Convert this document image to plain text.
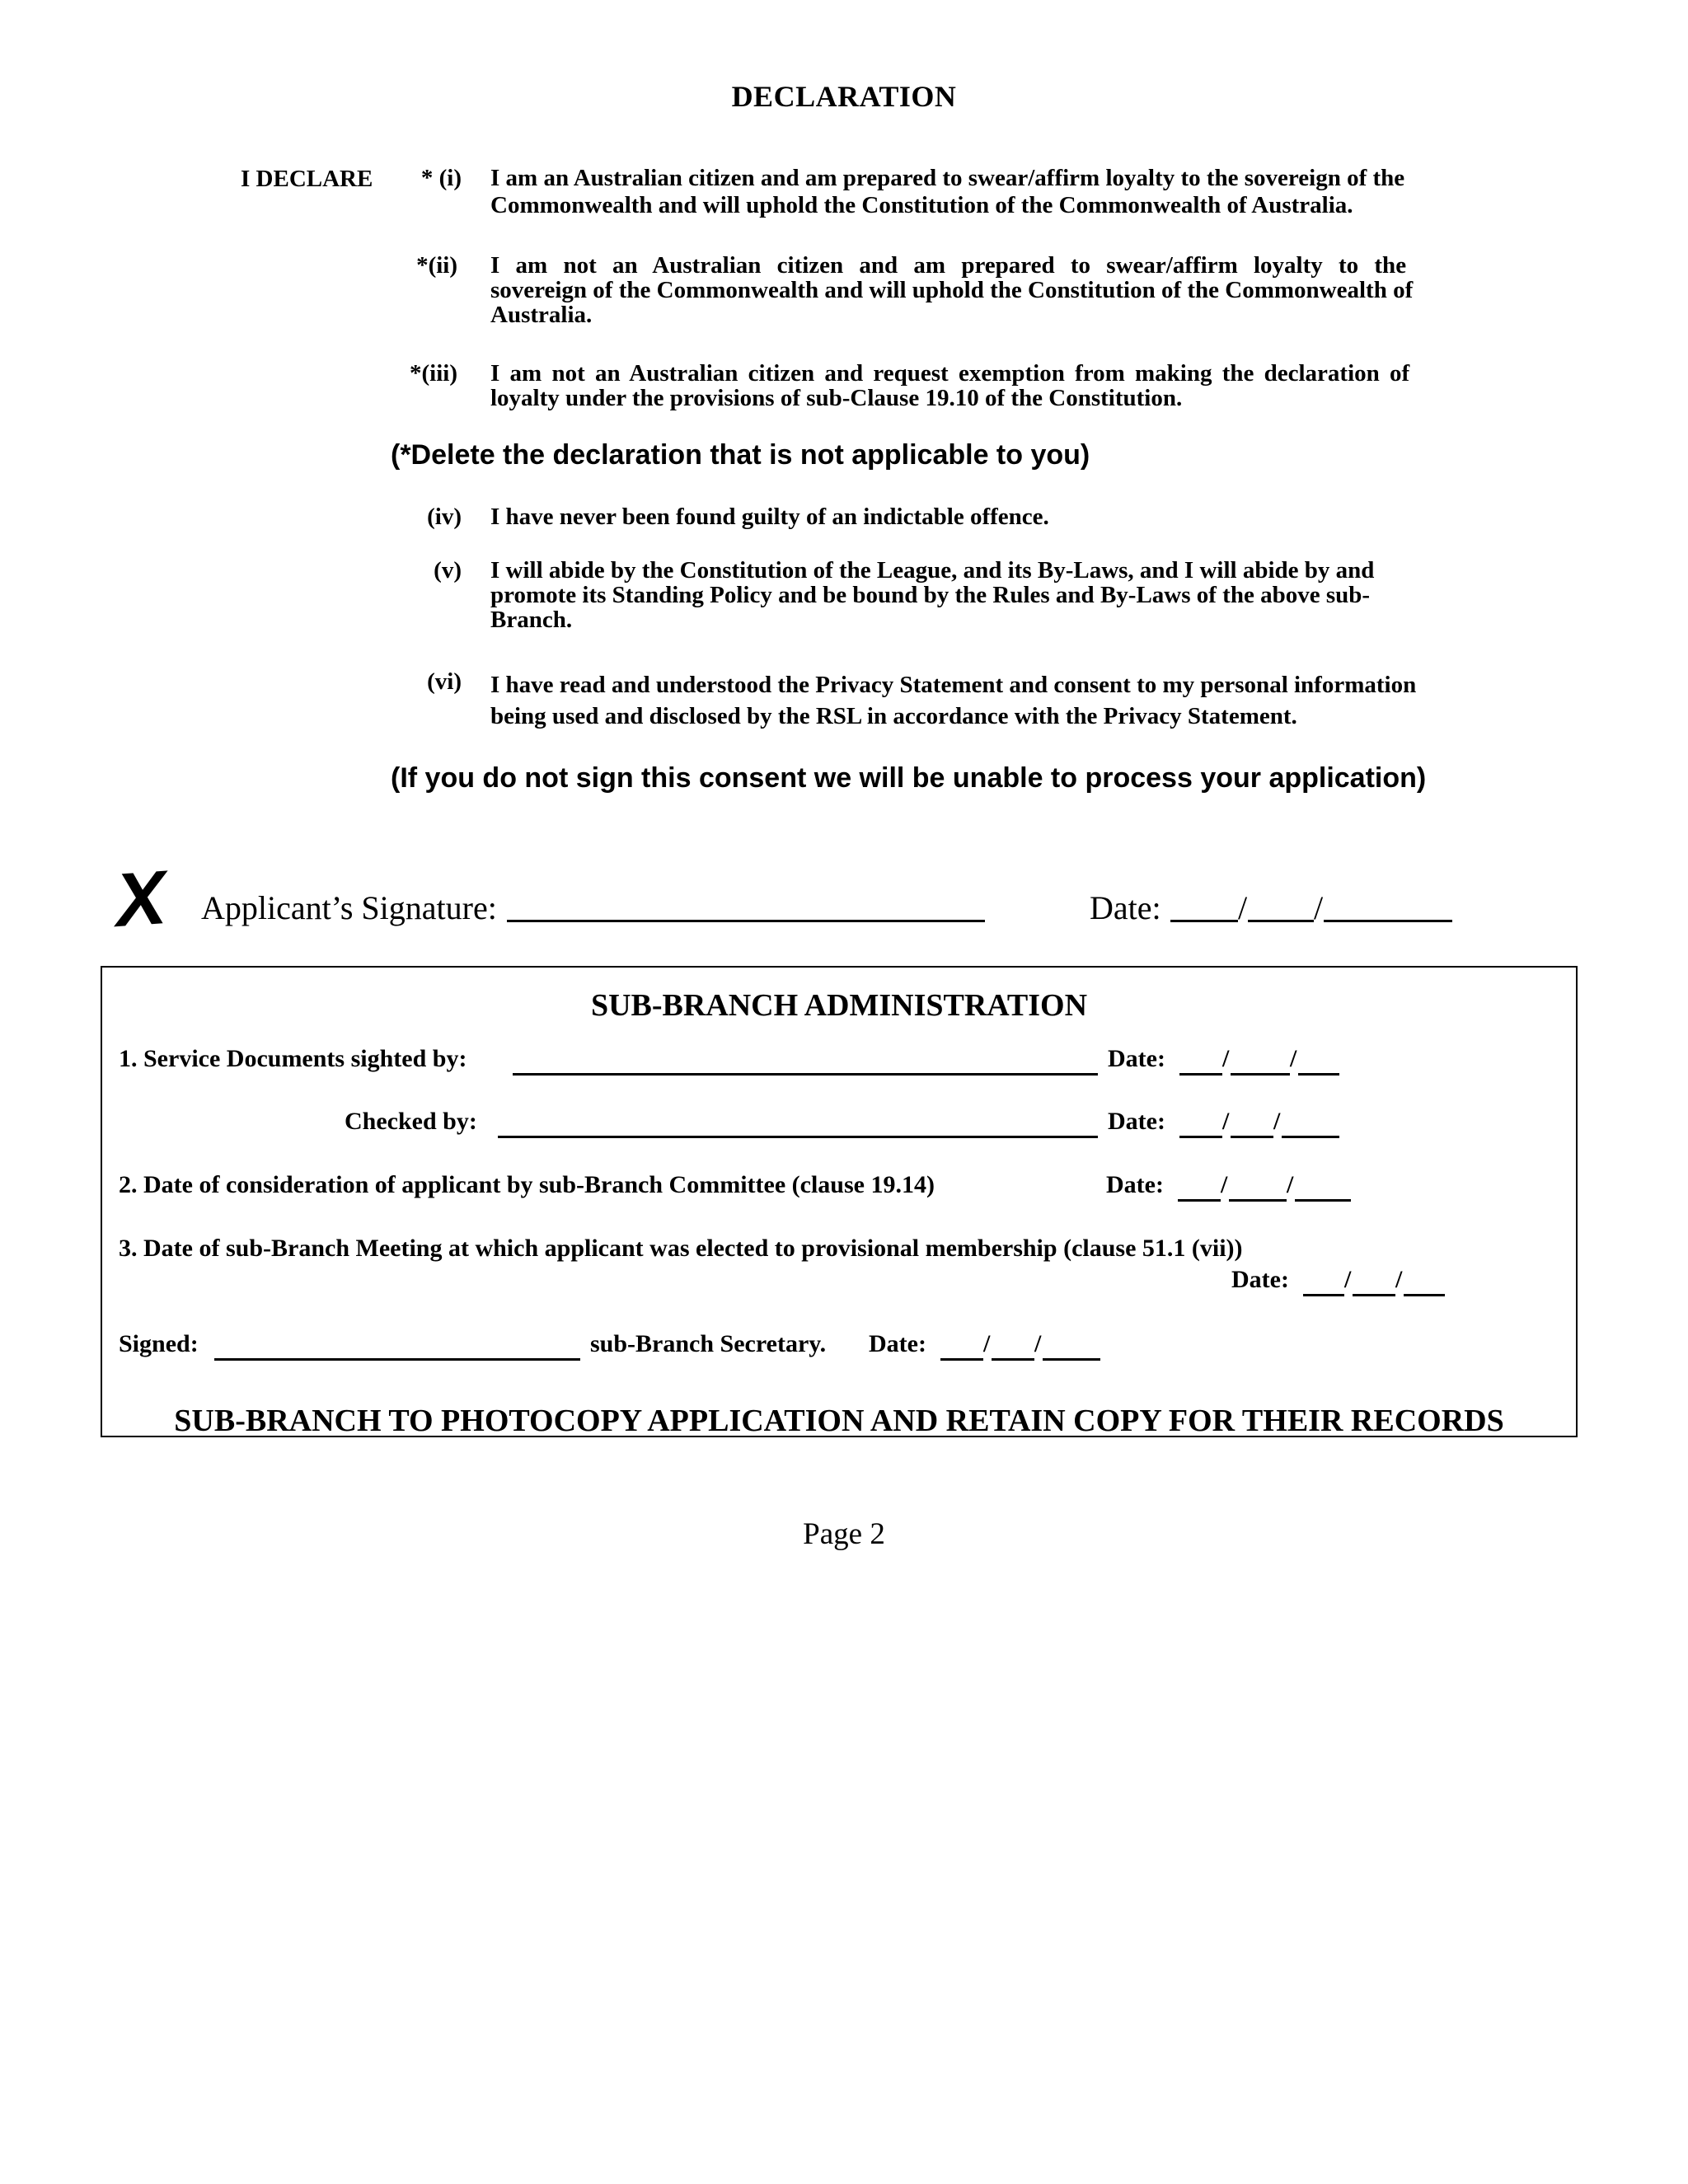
DECLARATION
I DECLARE	* (i) I am an Australian citizen and am prepared to swear/affirm loyalty to the sovereign of the
Commonwealth and will uphold the Constitution of the Commonwealth of Australia.
*(ii) I am not an Australian citizen and am prepared to swear/affirm loyalty to the
sovereign of the Commonwealth and will uphold the Constitution of the Commonwealth of
Australia.
*(iii) I am not an Australian citizen and request exemption from making the declaration of
loyalty under the provisions of sub-Clause 19.10 of the Constitution.
(*Delete the declaration that is not applicable to you)
(iv) I have never been found guilty of an indictable offence.
(v) I will abide by the Constitution of the League, and its By-Laws, and I will abide by and
promote its Standing Policy and be bound by the Rules and By-Laws of the above sub-
Branch.
(vi) I have read and understood the Privacy Statement and consent to my personal information
being used and disclosed by the RSL in accordance with the Privacy Statement.
(If you do not sign this consent we will be unable to process your application)
X Applicant’s Signature:	Date: / /
SUB-BRANCH ADMINISTRATION
1. Service Documents sighted by:	Date: / /
Checked by:	Date: / /
2. Date of consideration of applicant by sub-Branch Committee (clause 19.14)	Date: / /
3. Date of sub-Branch Meeting at which applicant was elected to provisional membership (clause 51.1 (vii))
Date: / /
Signed:	sub-Branch Secretary. Date: / /
SUB-BRANCH TO PHOTOCOPY APPLICATION AND RETAIN COPY FOR THEIR RECORDS
Page 2
